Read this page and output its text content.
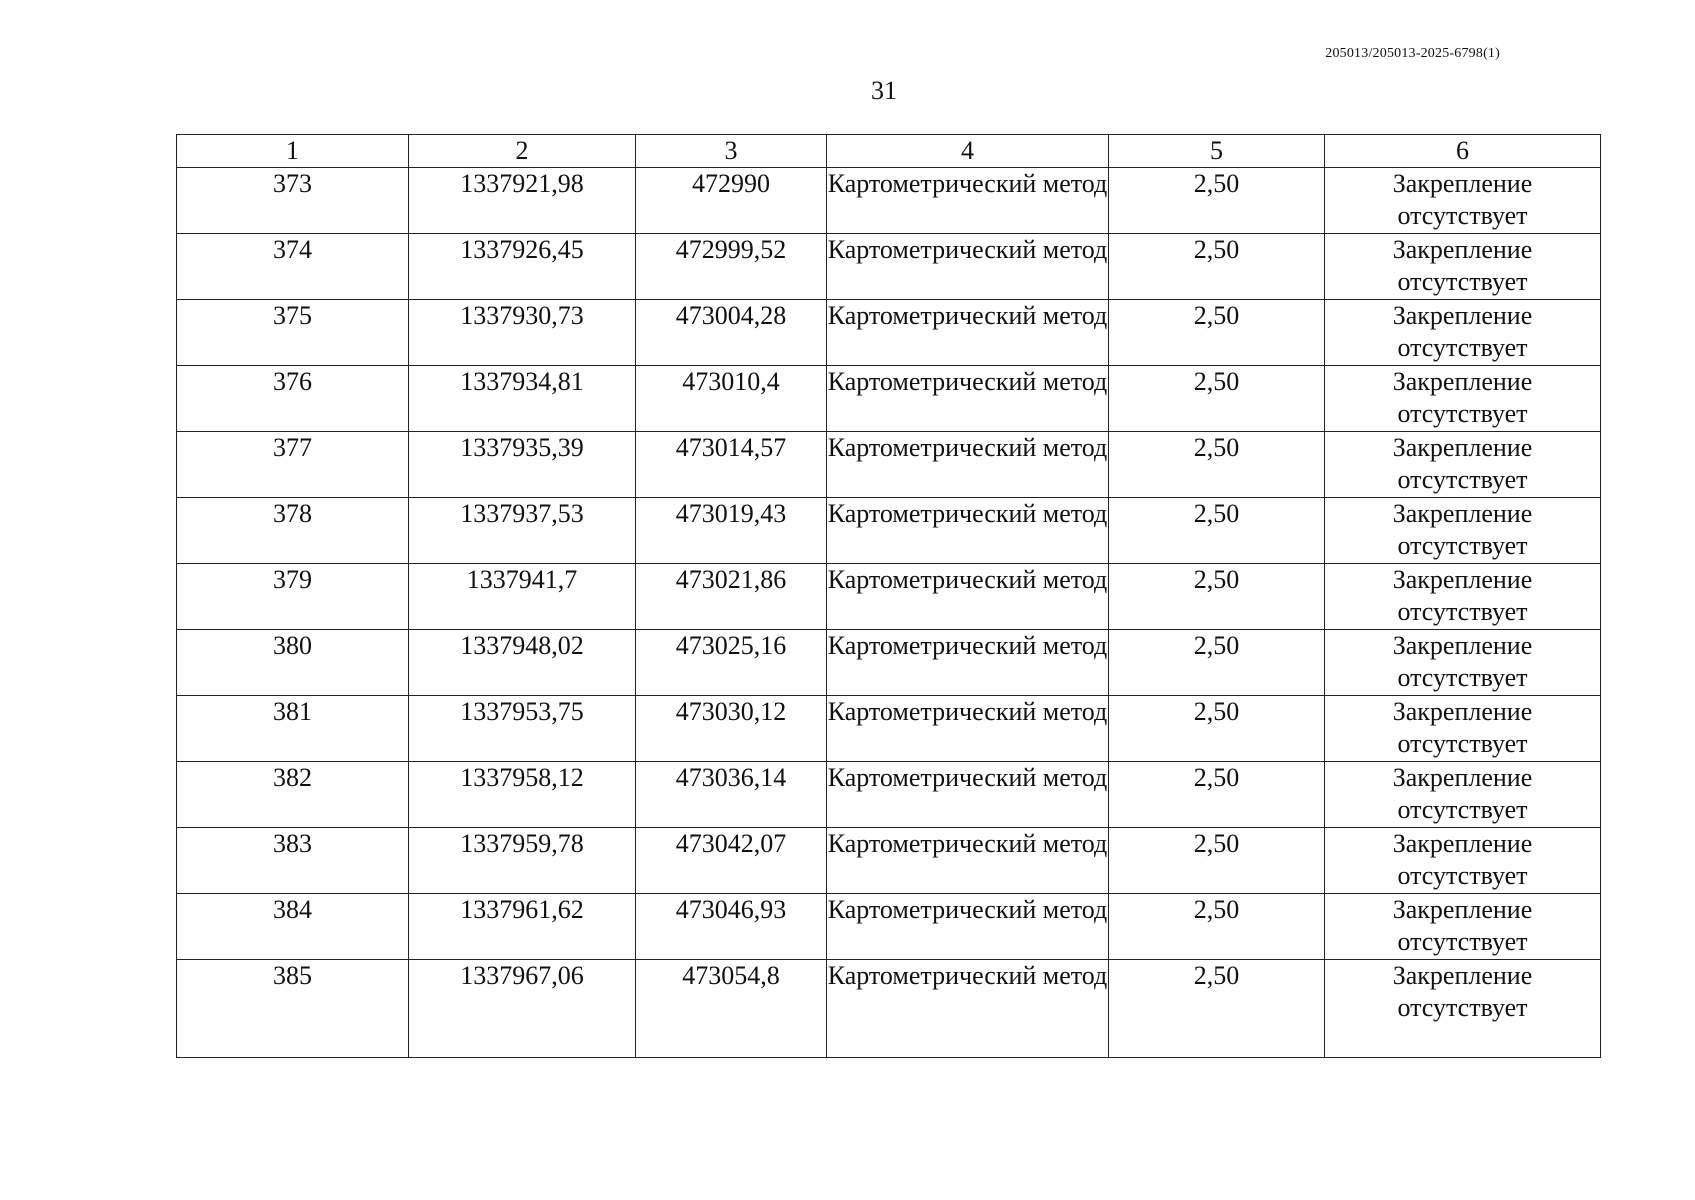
205013/205013-2025-6798(1)
31
1	2	3	4	5	6
373	1337921,98	472990	Картометрический метод	2,50	Закрепление отсутствует
374	1337926,45	472999,52	Картометрический метод	2,50	Закрепление отсутствует
375	1337930,73	473004,28	Картометрический метод	2,50	Закрепление отсутствует
376	1337934,81	473010,4	Картометрический метод	2,50	Закрепление отсутствует
377	1337935,39	473014,57	Картометрический метод	2,50	Закрепление отсутствует
378	1337937,53	473019,43	Картометрический метод	2,50	Закрепление отсутствует
379	1337941,7	473021,86	Картометрический метод	2,50	Закрепление отсутствует
380	1337948,02	473025,16	Картометрический метод	2,50	Закрепление отсутствует
381	1337953,75	473030,12	Картометрический метод	2,50	Закрепление отсутствует
382	1337958,12	473036,14	Картометрический метод	2,50	Закрепление отсутствует
383	1337959,78	473042,07	Картометрический метод	2,50	Закрепление отсутствует
384	1337961,62	473046,93	Картометрический метод	2,50	Закрепление отсутствует
385	1337967,06	473054,8	Картометрический метод	2,50	Закрепление отсутствует
